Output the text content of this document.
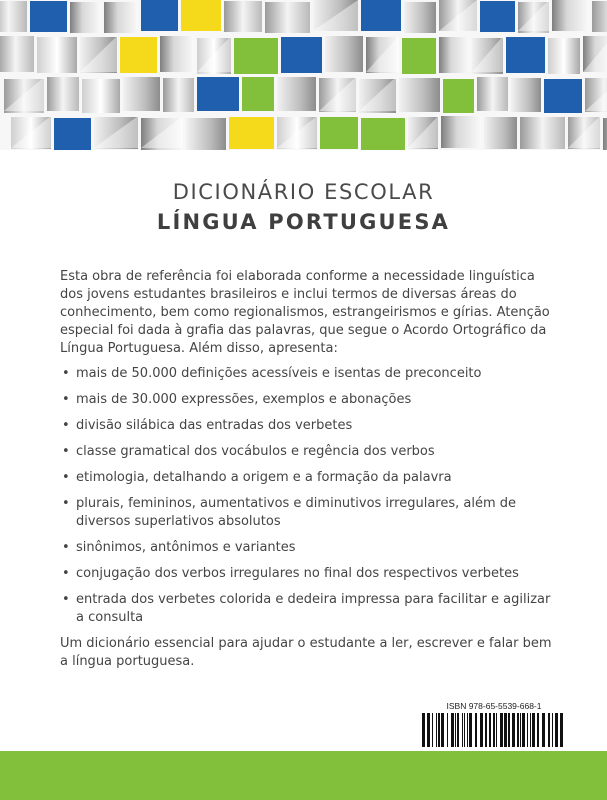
DICIONÁRIO ESCOLAR
LÍNGUA PORTUGUESA

Esta obra de referência foi elaborada conforme a necessidade linguística dos jovens estudantes brasileiros e inclui termos de diversas áreas do conhecimento, bem como regionalismos, estrangeirismos e gírias. Atenção especial foi dada à grafia das palavras, que segue o Acordo Ortográfico da Língua Portuguesa. Além disso, apresenta:

• mais de 50.000 definições acessíveis e isentas de preconceito
• mais de 30.000 expressões, exemplos e abonações
• divisão silábica das entradas dos verbetes
• classe gramatical dos vocábulos e regência dos verbos
• etimologia, detalhando a origem e a formação da palavra
• plurais, femininos, aumentativos e diminutivos irregulares, além de diversos superlativos absolutos
• sinônimos, antônimos e variantes
• conjugação dos verbos irregulares no final dos respectivos verbetes
• entrada dos verbetes colorida e dedeira impressa para facilitar e agilizar a consulta

Um dicionário essencial para ajudar o estudante a ler, escrever e falar bem a língua portuguesa.

ISBN 978-65-5539-668-1
